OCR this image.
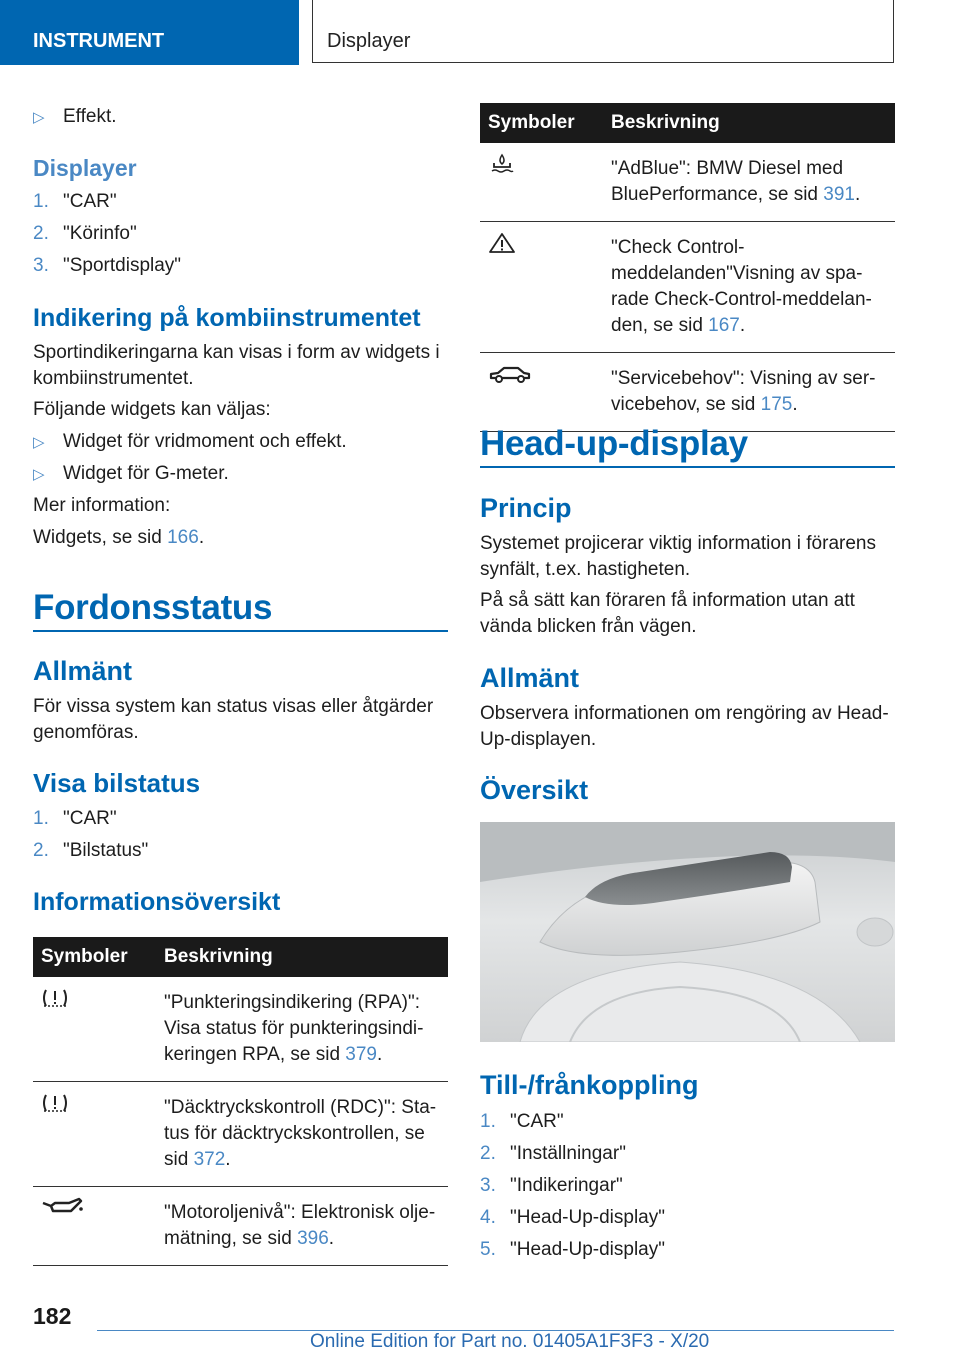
INSTRUMENT	Displayer
▷ Effekt.
Displayer
1. "CAR"
2. "Körinfo"
3. "Sportdisplay"
Indikering på kombiinstrumentet
Sportindikeringarna kan visas i form av widgets i kombiinstrumentet.
Följande widgets kan väljas:
▷ Widget för vridmoment och effekt.
▷ Widget för G-meter.
Mer information:
Widgets, se sid 166.
Fordonsstatus
Allmänt
För vissa system kan status visas eller åtgärder genomföras.
Visa bilstatus
1. "CAR"
2. "Bilstatus"
Informationsöversikt
Symboler	Beskrivning
	"Punkteringsindikering (RPA)": Visa status för punkteringsindi-keringen RPA, se sid 379.
	"Däcktryckskontroll (RDC)": Sta-tus för däcktryckskontrollen, se sid 372.
	"Motoroljenivå": Elektronisk olje-mätning, se sid 396.
Symboler	Beskrivning
	"AdBlue": BMW Diesel med BluePerformance, se sid 391.
	"Check Control-meddelanden"Visning av spa-rade Check-Control-meddelan-den, se sid 167.
	"Servicebehov": Visning av ser-vicebehov, se sid 175.
Head-up-display
Princip
Systemet projicerar viktig information i förarens synfält, t.ex. hastigheten.
På så sätt kan föraren få information utan att vända blicken från vägen.
Allmänt
Observera informationen om rengöring av Head-Up-displayen.
Översikt
Till-/frånkoppling
1. "CAR"
2. "Inställningar"
3. "Indikeringar"
4. "Head-Up-display"
5. "Head-Up-display"
182
Online Edition for Part no. 01405A1F3F3 - X/20
